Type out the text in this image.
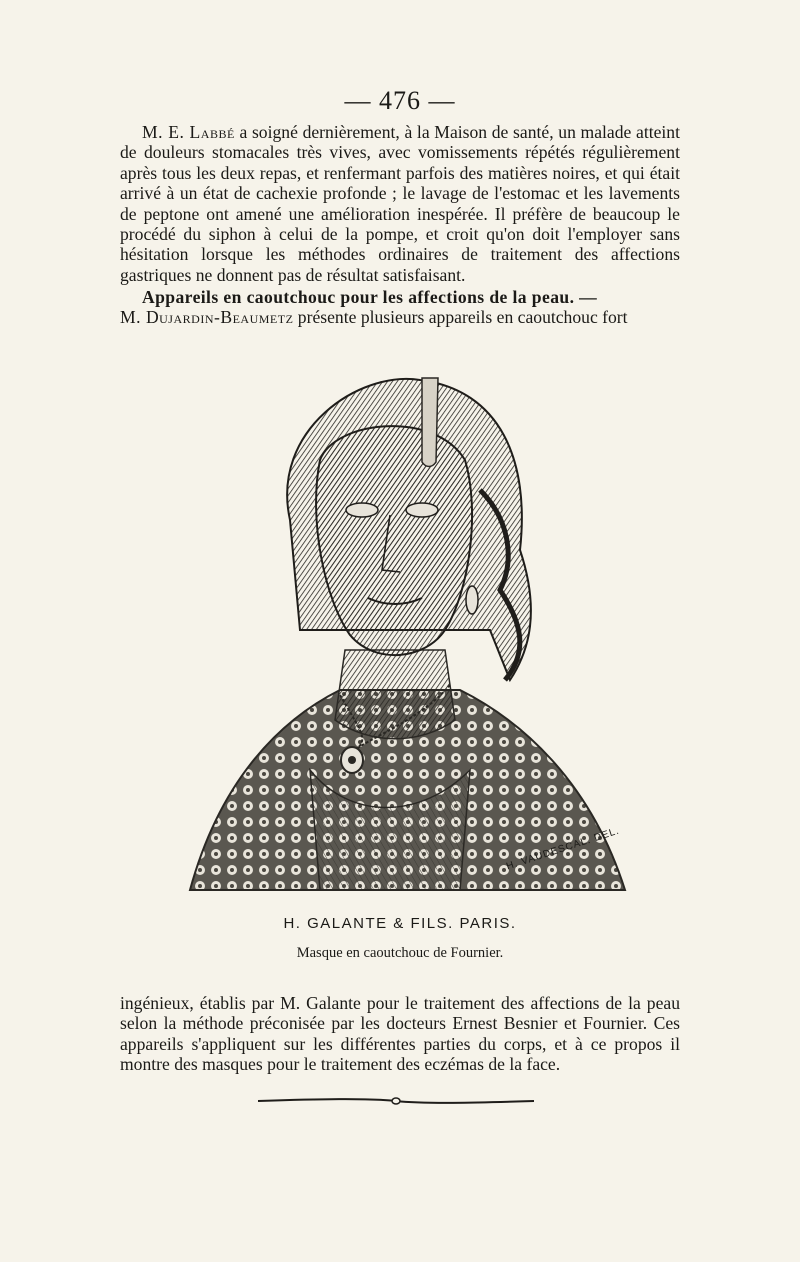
— 476 —
M. E. Labbé a soigné dernièrement, à la Maison de santé, un malade atteint de douleurs stomacales très vives, avec vomissements répétés régulièrement après tous les deux repas, et renfermant parfois des matières noires, et qui était arrivé à un état de cachexie profonde ; le lavage de l'estomac et les lavements de peptone ont amené une amélioration inespérée. Il préfère de beaucoup le procédé du siphon à celui de la pompe, et croit qu'on doit l'employer sans hésitation lorsque les méthodes ordinaires de traitement des affections gastriques ne donnent pas de résultat satisfaisant.
Appareils en caoutchouc pour les affections de la peau. —
M. Dujardin-Beaumetz présente plusieurs appareils en caoutchouc fort
H. VAUDESCAL. DEL.
H. GALANTE & FILS. PARIS.
Masque en caoutchouc de Fournier.
ingénieux, établis par M. Galante pour le traitement des affections de la peau selon la méthode préconisée par les docteurs Ernest Besnier et Fournier. Ces appareils s'appliquent sur les différentes parties du corps, et à ce propos il montre des masques pour le traitement des eczémas de la face.
